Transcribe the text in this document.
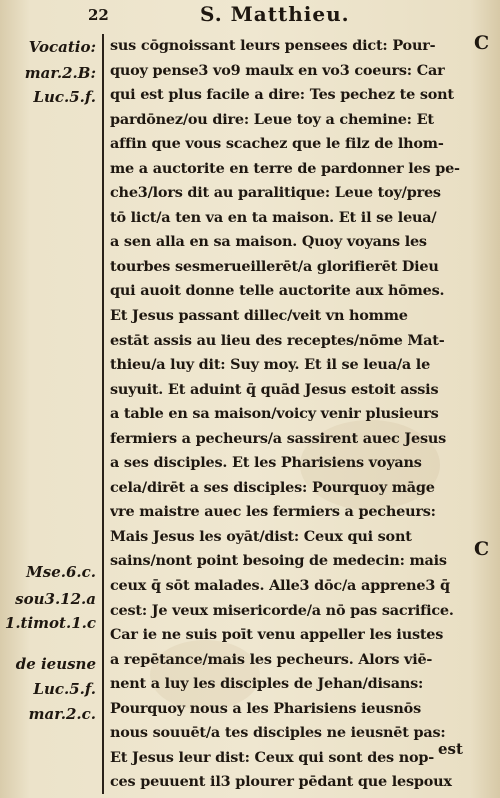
22	S. Matthieu.
Vocatio:
mar.2.B:
Luc.5.f.
Mse.6.c.
sou3.12.a
1.timot.1.c
de ieusne
Luc.5.f.
mar.2.c.
sus cōgnoissant leurs pensees dict: Pour-
quoy pense3 vo9 maulx en vo3 coeurs: Car
qui est plus facile a dire: Tes pechez te sont
pardōnez/ou dire: Leue toy a chemine: Et
affin que vous scachez que le filz de lhom-
me a auctorite en terre de pardonner les pe-
che3/lors dit au paralitique: Leue toy/pres
tō lict/a ten va en ta maison. Et il se leua/
a sen alla en sa maison. Quoy voyans les
tourbes sesmerueillerēt/a glorifierēt Dieu
qui auoit donne telle auctorite aux hōmes.
Et Jesus passant dillec/veit vn homme
estāt assis au lieu des receptes/nōme Mat-
thieu/a luy dit: Suy moy. Et il se leua/a le
suyuit. Et aduint q̄ quād Jesus estoit assis
a table en sa maison/voicy venir plusieurs
fermiers a pecheurs/a sassirent auec Jesus
a ses disciples. Et les Pharisiens voyans
cela/dirēt a ses disciples: Pourquoy māge
vre maistre auec les fermiers a pecheurs:
Mais Jesus les oyāt/dist: Ceux qui sont
sains/nont point besoing de medecin: mais
ceux q̄ sōt malades. Alle3 dōc/a apprene3 q̄
cest: Je veux misericorde/a nō pas sacrifice.
Car ie ne suis poīt venu appeller les iustes
a repētance/mais les pecheurs. Alors viē-
nent a luy les disciples de Jehan/disans:
Pourquoy nous a les Pharisiens ieusnōs
nous souuēt/a tes disciples ne ieusnēt pas:
Et Jesus leur dist: Ceux qui sont des nop-
ces peuuent il3 plourer pēdant que lespoux
C
C
est
